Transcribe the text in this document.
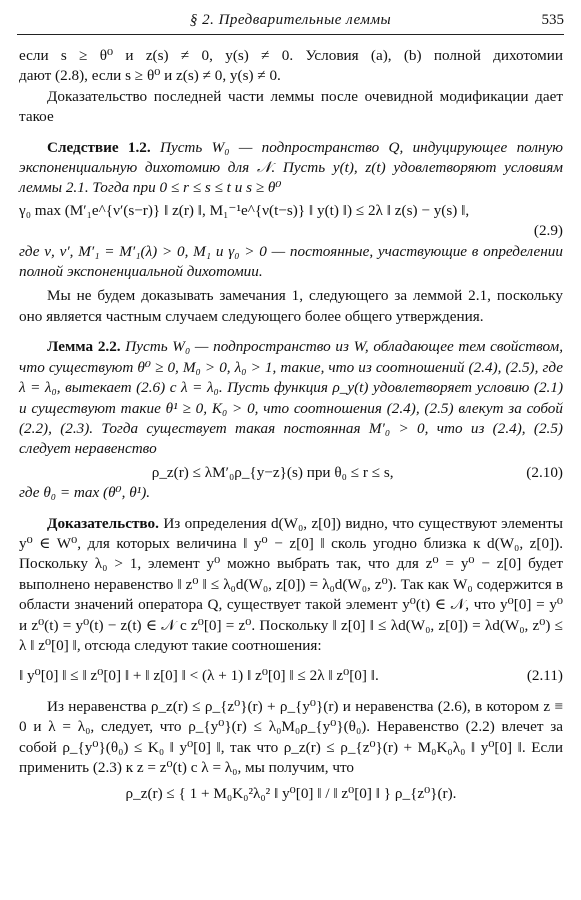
§ 2. Предварительные леммы	535

если s ≥ θ⁰ и z(s) ≠ 0, y(s) ≠ 0. Условия (a), (b) полной дихотомии

дают (2.8), если s ≥ θ⁰ и z(s) ≠ 0, y(s) ≠ 0.

Доказательство последней части леммы после очевидной модификации дает такое

Следствие 1.2. Пусть W₀ — подпространство Q, индуцирующее полную экспоненциальную дихотомию для 𝒩. Пусть y(t), z(t) удовлетворяют условиям леммы 2.1. Тогда при 0 ≤ r ≤ s ≤ t и s ≥ θ⁰

γ₀ max (M′₁e^{ν′(s−r)} ‖ z(r) ‖, M₁⁻¹e^{ν(t−s)} ‖ y(t) ‖) ≤ 2λ ‖ z(s) − y(s) ‖,
(2.9)

где ν, ν′, M′₁ = M′₁(λ) > 0, M₁ и γ₀ > 0 — постоянные, участвующие в определении полной экспоненциальной дихотомии.

Мы не будем доказывать замечания 1, следующего за леммой 2.1, поскольку оно является частным случаем следующего более общего утверждения.

Лемма 2.2. Пусть W₀ — подпространство из W, обладающее тем свойством, что существуют θ⁰ ≥ 0, M₀ > 0, λ₀ > 1, такие, что из соотношений (2.4), (2.5), где λ = λ₀, вытекает (2.6) с λ = λ₀. Пусть функция ρ_y(t) удовлетворяет условию (2.1) и существуют такие θ¹ ≥ 0, K₀ > 0, что соотношения (2.4), (2.5) влекут за собой (2.2), (2.3). Тогда существует такая постоянная M′₀ > 0, что из (2.4), (2.5) следует неравенство

ρ_z(r) ≤ λM′₀ρ_{y−z}(s) при θ₀ ≤ r ≤ s,	(2.10)

где θ₀ = max (θ⁰, θ¹).

Доказательство. Из определения d(W₀, z[0]) видно, что существуют элементы y⁰ ∈ W⁰, для которых величина ‖ y⁰ − z[0] ‖ сколь угодно близка к d(W₀, z[0]). Поскольку λ₀ > 1, элемент y⁰ можно выбрать так, что для z⁰ = y⁰ − z[0] будет выполнено неравенство ‖ z⁰ ‖ ≤ λ₀d(W₀, z[0]) = λ₀d(W₀, z⁰). Так как W₀ содержится в области значений оператора Q, существует такой элемент y⁰(t) ∈ 𝒩, что y⁰[0] = y⁰ и z⁰(t) = y⁰(t) − z(t) ∈ 𝒩 с z⁰[0] = z⁰. Поскольку ‖ z[0] ‖ ≤ λd(W₀, z[0]) = λd(W₀, z⁰) ≤ λ ‖ z⁰[0] ‖, отсюда следуют такие соотношения:

‖ y⁰[0] ‖ ≤ ‖ z⁰[0] ‖ + ‖ z[0] ‖ < (λ + 1) ‖ z⁰[0] ‖ ≤ 2λ ‖ z⁰[0] ‖.	(2.11)

Из неравенства ρ_z(r) ≤ ρ_{z⁰}(r) + ρ_{y⁰}(r) и неравенства (2.6), в котором z ≡ 0 и λ = λ₀, следует, что ρ_{y⁰}(r) ≤ λ₀M₀ρ_{y⁰}(θ₀). Неравенство (2.2) влечет за собой ρ_{y⁰}(θ₀) ≤ K₀ ‖ y⁰[0] ‖, так что ρ_z(r) ≤ ρ_{z⁰}(r) + M₀K₀λ₀ ‖ y⁰[0] ‖. Если применить (2.3) к z = z⁰(t) с λ = λ₀, мы получим, что

ρ_z(r) ≤ { 1 + M₀K₀²λ₀² ‖ y⁰[0] ‖ / ‖ z⁰[0] ‖ } ρ_{z⁰}(r).
